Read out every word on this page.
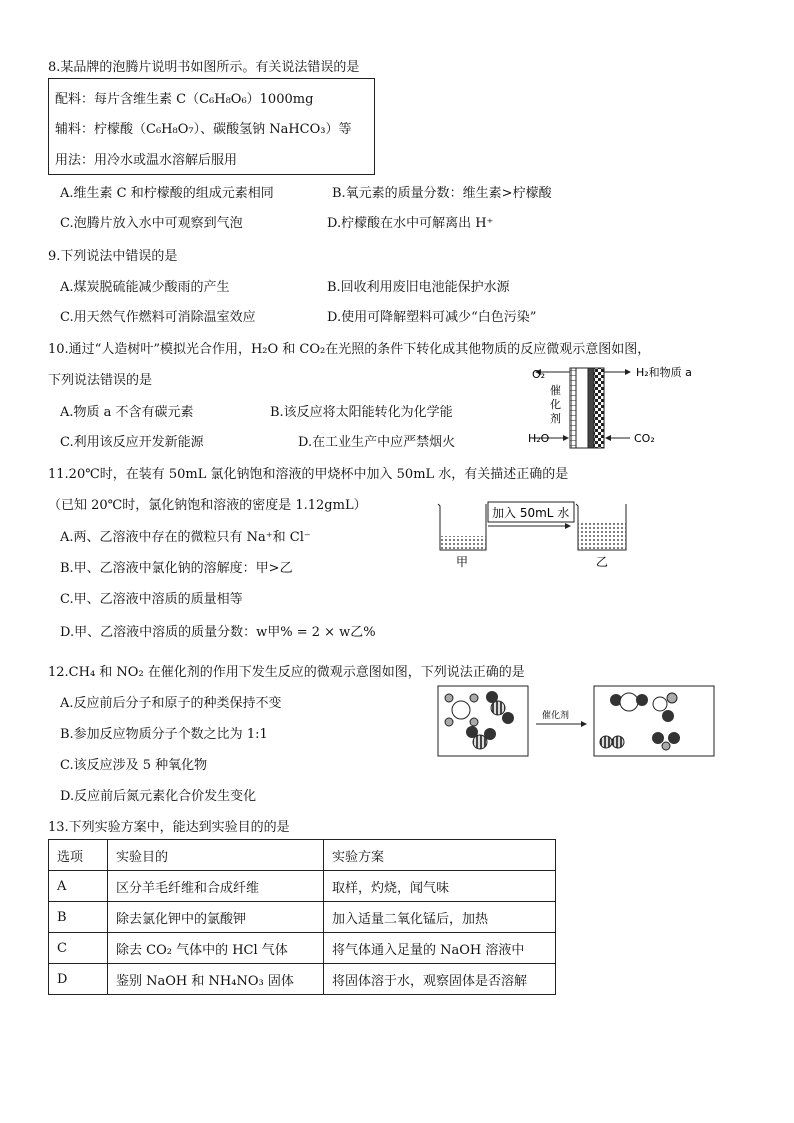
8.某品牌的泡腾片说明书如图所示。有关说法错误的是
配料：每片含维生素 C（C₆H₈O₆）1000mg
辅料：柠檬酸（C₆H₈O₇）、碳酸氢钠 NaHCO₃）等
用法：用冷水或温水溶解后服用
A.维生素 C 和柠檬酸的组成元素相同	B.氧元素的质量分数：维生素>柠檬酸
C.泡腾片放入水中可观察到气泡	D.柠檬酸在水中可解离出 H⁺
9.下列说法中错误的是
A.煤炭脱硫能减少酸雨的产生	B.回收利用废旧电池能保护水源
C.用天然气作燃料可消除温室效应	D.使用可降解塑料可减少“白色污染”
10.通过“人造树叶”模拟光合作用，H₂O 和 CO₂在光照的条件下转化成其他物质的反应微观示意图如图，
下列说法错误的是
A.物质 a 不含有碳元素	B.该反应将太阳能转化为化学能
C.利用该反应开发新能源	D.在工业生产中应严禁烟火
O₂	H₂和物质 a
催
化
剂
H₂O	CO₂
11.20℃时，在装有 50mL 氯化钠饱和溶液的甲烧杯中加入 50mL 水，有关描述正确的是
（已知 20℃时，氯化钠饱和溶液的密度是 1.12gmL）
A.两、乙溶液中存在的微粒只有 Na⁺和 Cl⁻
B.甲、乙溶液中氯化钠的溶解度：甲>乙
C.甲、乙溶液中溶质的质量相等
D.甲、乙溶液中溶质的质量分数：w甲% = 2 × w乙%
加入 50mL 水
甲	乙
12.CH₄ 和 NO₂ 在催化剂的作用下发生反应的微观示意图如图，下列说法正确的是
A.反应前后分子和原子的种类保持不变
B.参加反应物质分子个数之比为 1:1
C.该反应涉及 5 种氧化物
D.反应前后氮元素化合价发生变化
催化剂
13.下列实验方案中，能达到实验目的的是
选项	实验目的	实验方案
A	区分羊毛纤维和合成纤维	取样，灼烧，闻气味
B	除去氯化钾中的氯酸钾	加入适量二氧化锰后，加热
C	除去 CO₂ 气体中的 HCl 气体	将气体通入足量的 NaOH 溶液中
D	鉴别 NaOH 和 NH₄NO₃ 固体	将固体溶于水，观察固体是否溶解
